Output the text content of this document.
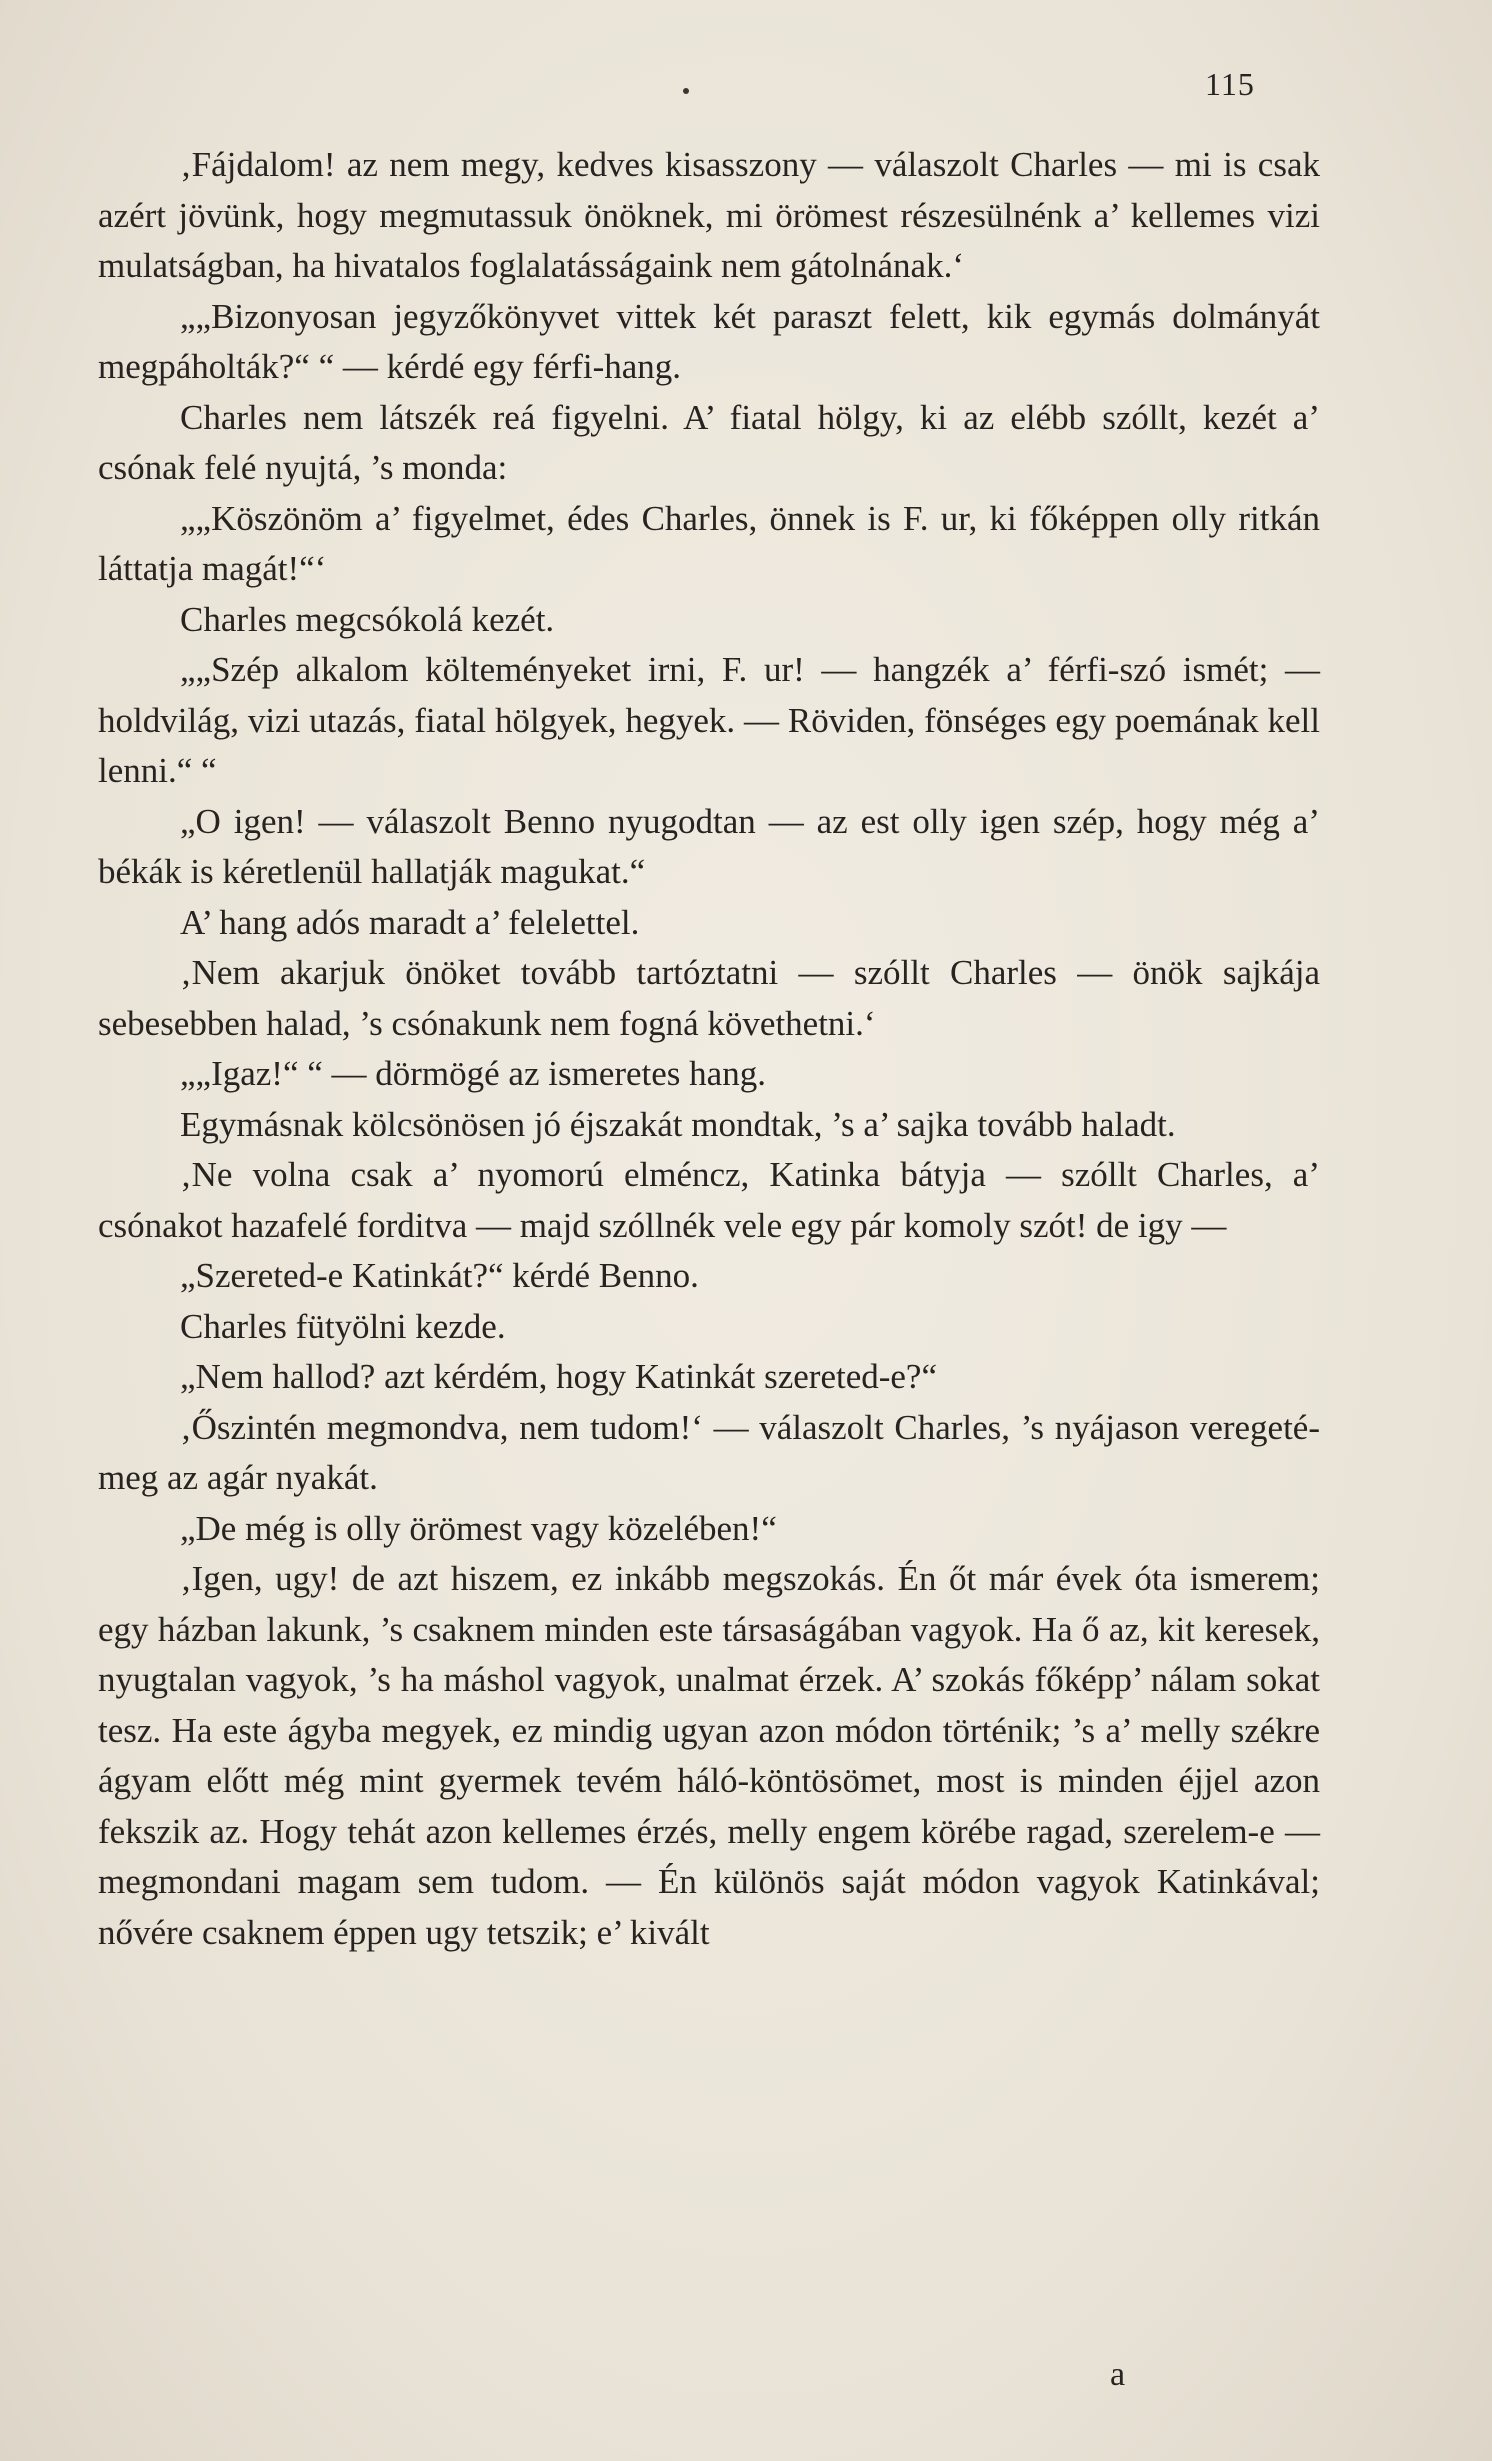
115

‚Fájdalom! az nem megy, kedves kisasszony — válaszolt Charles — mi is csak azért jövünk, hogy megmutassuk önöknek, mi örömest részesülnénk a’ kellemes vizi mulatságban, ha hivatalos foglalatásságaink nem gátolnának.‘

„„Bizonyosan jegyzőkönyvet vittek két paraszt felett, kik egymás dolmányát megpáholták?“ “ — kérdé egy férfi-hang.

Charles nem látszék reá figyelni. A’ fiatal hölgy, ki az elébb szóllt, kezét a’ csónak felé nyujtá, ’s monda:

„„Köszönöm a’ figyelmet, édes Charles, önnek is F. ur, ki főképpen olly ritkán láttatja magát!“‘

Charles megcsókolá kezét.

„„Szép alkalom költeményeket irni, F. ur! — hangzék a’ férfi-szó ismét; — holdvilág, vizi utazás, fiatal hölgyek, hegyek. — Röviden, fönséges egy poemának kell lenni.“ “

„O igen! — válaszolt Benno nyugodtan — az est olly igen szép, hogy még a’ békák is kéretlenül hallatják magukat.“

A’ hang adós maradt a’ felelettel.

‚Nem akarjuk önöket tovább tartóztatni — szóllt Charles — önök sajkája sebesebben halad, ’s csónakunk nem fogná követhetni.‘

„„Igaz!“ “ — dörmögé az ismeretes hang.

Egymásnak kölcsönösen jó éjszakát mondtak, ’s a’ sajka tovább haladt.

‚Ne volna csak a’ nyomorú elméncz, Katinka bátyja — szóllt Charles, a’ csónakot hazafelé forditva — majd szóllnék vele egy pár komoly szót! de igy —

„Szereted-e Katinkát?“ kérdé Benno.

Charles fütyölni kezde.

„Nem hallod? azt kérdém, hogy Katinkát szereted-e?“

‚Őszintén megmondva, nem tudom!‘ — válaszolt Charles, ’s nyájason veregeté-meg az agár nyakát.

„De még is olly örömest vagy közelében!“

‚Igen, ugy! de azt hiszem, ez inkább megszokás. Én őt már évek óta ismerem; egy házban lakunk, ’s csaknem minden este társaságában vagyok. Ha ő az, kit keresek, nyugtalan vagyok, ’s ha máshol vagyok, unalmat érzek. A’ szokás főképp’ nálam sokat tesz. Ha este ágyba megyek, ez mindig ugyan azon módon történik; ’s a’ melly székre ágyam előtt még mint gyermek tevém háló-köntösömet, most is minden éjjel azon fekszik az. Hogy tehát azon kellemes érzés, melly engem körébe ragad, szerelem-e — megmondani magam sem tudom. — Én különös saját módon vagyok Katinkával; nővére csaknem éppen ugy tetszik; e’ kivált

a
